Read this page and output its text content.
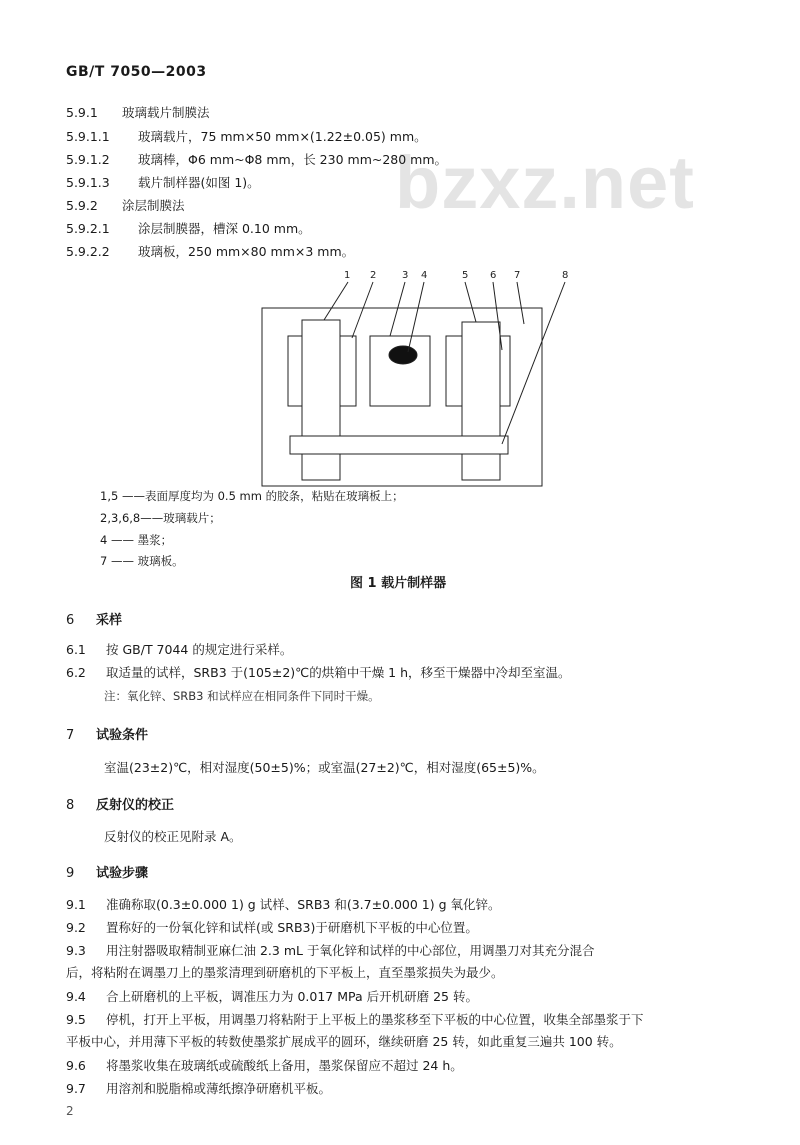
GB/T 7050—2003
bzxz.net
5.9.1 玻璃载片制膜法
5.9.1.1 玻璃载片，75 mm×50 mm×(1.22±0.05) mm。
5.9.1.2 玻璃棒，Φ6 mm~Φ8 mm，长 230 mm~280 mm。
5.9.1.3 载片制样器(如图 1)。
5.9.2 涂层制膜法
5.9.2.1 涂层制膜器，槽深 0.10 mm。
5.9.2.2 玻璃板，250 mm×80 mm×3 mm。
1 2	3 4	5 6 7	8
1,5 ——表面厚度均为 0.5 mm 的胶条，粘贴在玻璃板上；
2,3,6,8——玻璃载片；
4 —— 墨浆；
7 —— 玻璃板。
图 1 载片制样器
6 采样
6.1 按 GB/T 7044 的规定进行采样。
6.2 取适量的试样，SRB3 于(105±2)℃的烘箱中干燥 1 h，移至干燥器中冷却至室温。
注：氧化锌、SRB3 和试样应在相同条件下同时干燥。
7 试验条件
室温(23±2)℃，相对湿度(50±5)%；或室温(27±2)℃，相对湿度(65±5)%。
8 反射仪的校正
反射仪的校正见附录 A。
9 试验步骤
9.1 准确称取(0.3±0.000 1) g 试样、SRB3 和(3.7±0.000 1) g 氧化锌。
9.2 置称好的一份氧化锌和试样(或 SRB3)于研磨机下平板的中心位置。
9.3 用注射器吸取精制亚麻仁油 2.3 mL 于氧化锌和试样的中心部位，用调墨刀对其充分混合
后，将粘附在调墨刀上的墨浆清理到研磨机的下平板上，直至墨浆损失为最少。
9.4 合上研磨机的上平板，调准压力为 0.017 MPa 后开机研磨 25 转。
9.5 停机，打开上平板，用调墨刀将粘附于上平板上的墨浆移至下平板的中心位置，收集全部墨浆于下
平板中心，并用薄下平板的转数使墨浆扩展成平的圆环，继续研磨 25 转，如此重复三遍共 100 转。
9.6 将墨浆收集在玻璃纸或硫酸纸上备用，墨浆保留应不超过 24 h。
9.7 用溶剂和脱脂棉或薄纸擦净研磨机平板。
2
